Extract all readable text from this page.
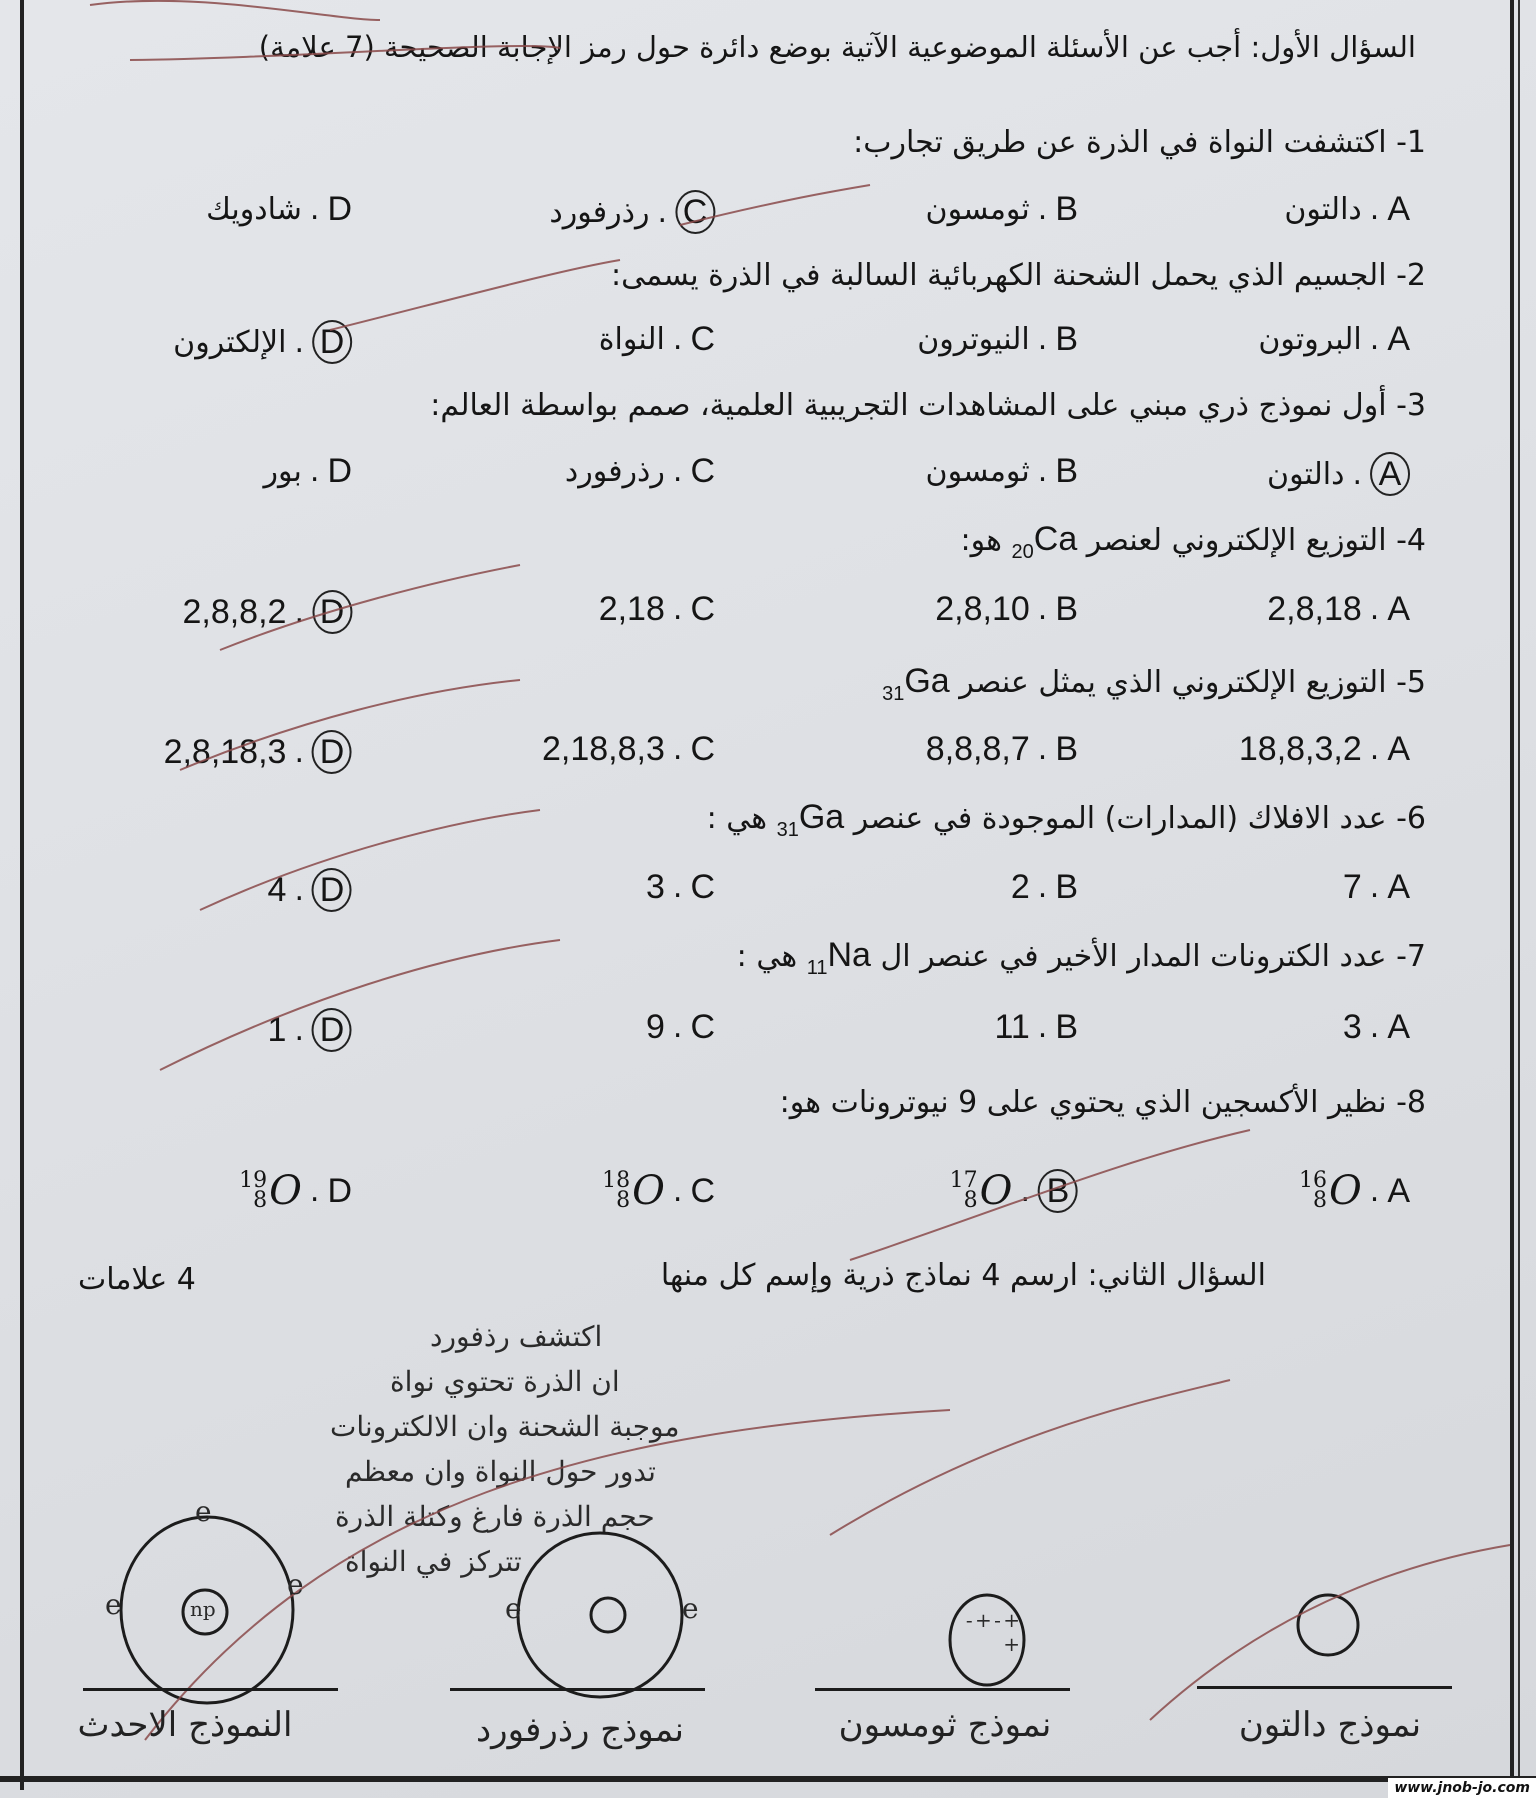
السؤال الأول: أجب عن الأسئلة الموضوعية الآتية بوضع دائرة حول رمز الإجابة الصحيحة (7 علامة)
1- اكتشفت النواة في الذرة عن طريق تجارب:
دالتون . A
ثومسون . B
رذرفورد . C
شادويك . D
2- الجسيم الذي يحمل الشحنة الكهربائية السالبة في الذرة يسمى:
البروتون . A
النيوترون . B
النواة . C
الإلكترون . D
3- أول نموذج ذري مبني على المشاهدات التجريبية العلمية، صمم بواسطة العالم:
دالتون . A
ثومسون . B
رذرفورد . C
بور . D
4- التوزيع الإلكتروني لعنصر $_{20}$Ca هو:
2,8,18 . A
2,8,10 . B
2,18 . C
2,8,8,2 . D
5- التوزيع الإلكتروني الذي يمثل عنصر $_{31}$Ga
18,8,3,2 . A
8,8,8,7 . B
2,18,8,3 . C
2,8,18,3 . D
6- عدد الافلاك (المدارات) الموجودة في عنصر $_{31}$Ga هي :
7 . A
2 . B
3 . C
4 . D
7- عدد الكترونات المدار الأخير في عنصر ال $_{11}$Na هي :
3 . A
11 . B
9 . C
1 . D
8- نظير الأكسجين الذي يحتوي على 9 نيوترونات هو:
16
8 O . A
17
8 O . B
18
8 O . C
19
8 O . D
السؤال الثاني: ارسم 4 نماذج ذرية وإسم كل منها
4 علامات
اكتشف رذفورد
ان الذرة تحتوي نواة
موجبة الشحنة وان الالكترونات
تدور حول النواة وان معظم
حجم الذرة فارغ وكتلة الذرة
تتركز في النواة
+ - + - +
np
e
e
e
e	e
نموذج دالتون
نموذج ثومسون
نموذج رذرفورد
النموذج الاحدث
www.jnob-jo.com
